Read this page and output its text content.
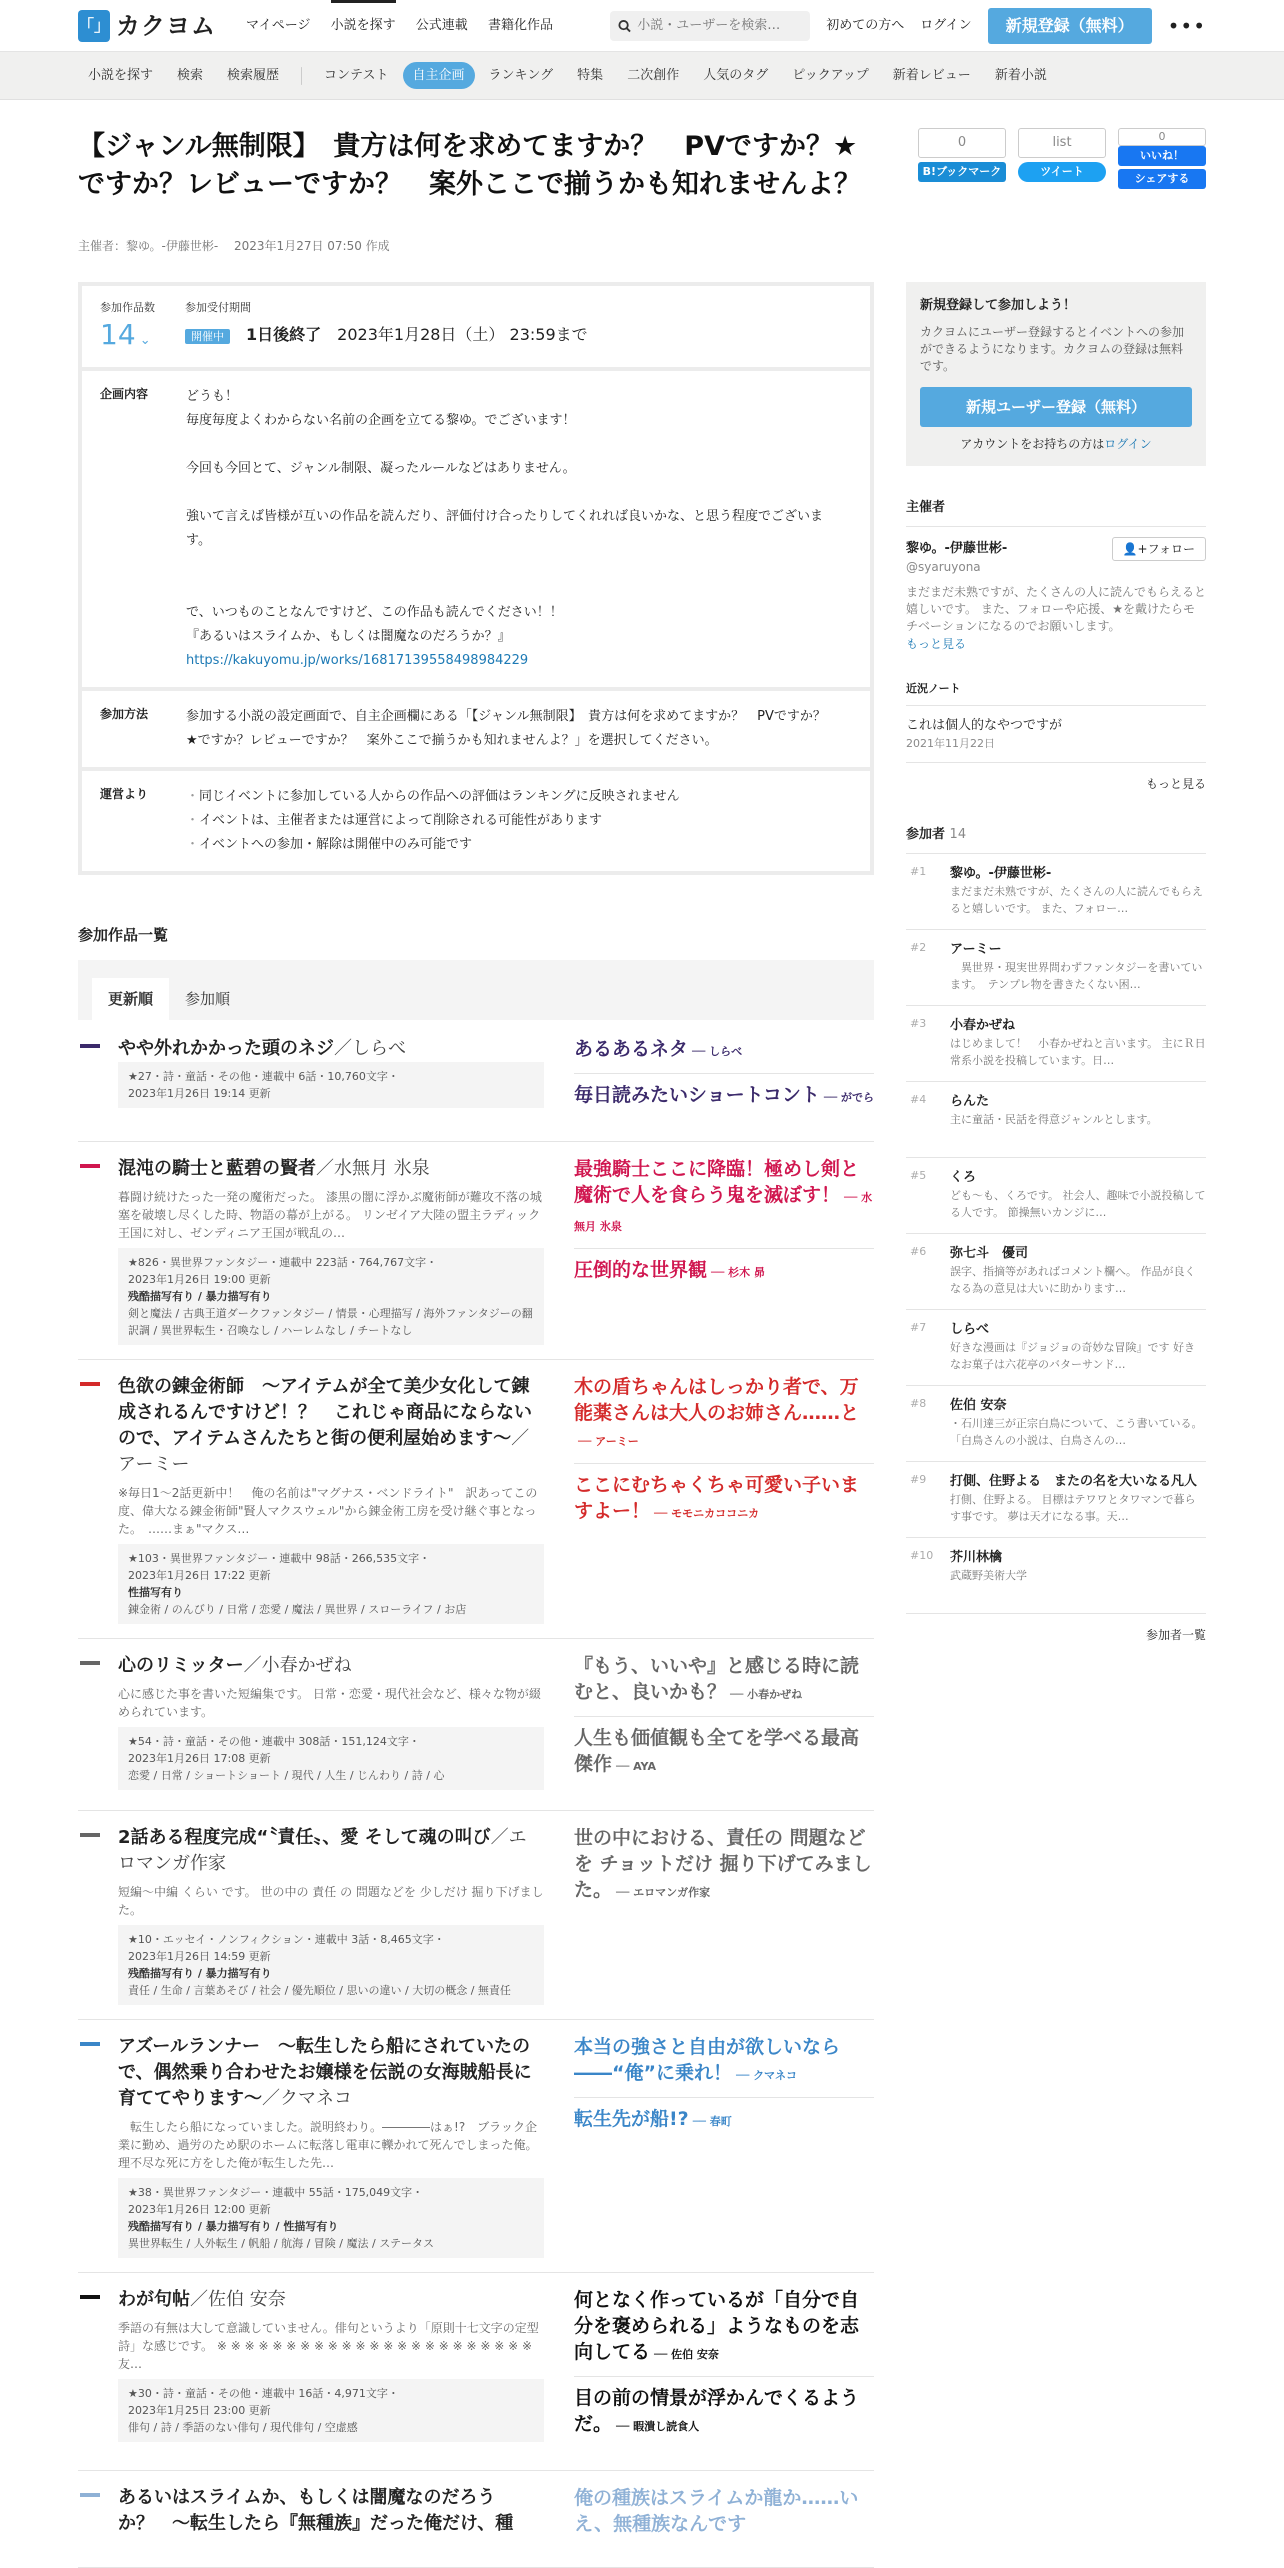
「」 カクヨム マイページ 小説を探す 公式連載 書籍化作品
小説・ユーザーを検索…	初めての方へ ログイン	新規登録（無料）	•••
小説を探す	検索	検索履歴	コンテスト	自主企画	ランキング	特集	二次創作	人気のタグ	ピックアップ	新着レビュー	新着小説
【ジャンル無制限】　貴方は何を求めてますか？　PVですか？★ですか？レビューですか？　案外ここで揃うかも知れませんよ？
主催者：黎ゆ。-伊藤世彬-　 2023年1月27日 07:50 作成
0
B!ブックマーク
list
ツイート
0
いいね！
シェアする
参加作品数
14 ⌄
参加受付期間
開催中　 1日後終了　 2023年1月28日（土） 23:59まで
企画内容	どうも！

毎度毎度よくわからない名前の企画を立てる黎ゆ。でございます！

今回も今回とて、ジャンル制限、凝ったルールなどはありません。

強いて言えば皆様が互いの作品を読んだり、評価付け合ったりしてくれれば良いかな、と思う程度でございます。

で、いつものことなんですけど、この作品も読んでください！！

『あるいはスライムか、もしくは闇魔なのだろうか？』

https://kakuyomu.jp/works/16817139558498984229

参加方法	参加する小説の設定画面で、自主企画欄にある「【ジャンル無制限】　貴方は何を求めてますか？　PVですか？★ですか？レビューですか？　案外ここで揃うかも知れませんよ？」を選択してください。

運営より
・	同じイベントに参加している人からの作品への評価はランキングに反映されません
・ イベントは、主催者または運営によって削除される可能性があります
・ イベントへの参加・解除は開催中のみ可能です
参加作品一覧
更新順	参加順
やや外れかかった頭のネジ／しらべ
★27・詩・童話・その他・連載中 6話・10,760文字・
2023年1月26日 19:14 更新
あるあるネタ ── しらべ
毎日読みたいショートコント ── がでら
混沌の騎士と藍碧の賢者／水無月 氷泉
暮闘け続けたった一発の魔術だった。 漆黒の闇に浮かぶ魔術師が難攻不落の城塞を破壊し尽くした時、物語の幕が上がる。 リンゼイア大陸の盟主ラディック王国に対し、ゼンディニア王国が戦乱の…
★826・異世界ファンタジー・連載中 223話・764,767文字・
2023年1月26日 19:00 更新
残酷描写有り / 暴力描写有り
剣と魔法 / 古典王道ダークファンタジー / 情景・心理描写 / 海外ファンタジーの翻訳調 / 異世界転生・召喚なし / ハーレムなし / チートなし
最強騎士ここに降臨！極めし剣と魔術で人を食らう鬼を滅ぼす！ ── 水無月 氷泉
圧倒的な世界観 ── 杉木 昴
色欲の錬金術師　〜アイテムが全て美少女化して錬成されるんですけど！？　これじゃ商品にならないので、アイテムさんたちと街の便利屋始めます〜／アーミー
※毎日1〜2話更新中！　俺の名前は"マグナス・ベンドライト"　訳あってこの度、偉大なる錬金術師"賢人マクスウェル"から錬金術工房を受け継ぐ事となった。　……まぁ"マクス…
★103・異世界ファンタジー・連載中 98話・266,535文字・
2023年1月26日 17:22 更新
性描写有り
錬金術 / のんびり / 日常 / 恋愛 / 魔法 / 異世界 / スローライフ / お店
木の盾ちゃんはしっかり者で、万能薬さんは大人のお姉さん……と── アーミー
ここにむちゃくちゃ可愛い子いますよー！ ── モモニカココニカ
心のリミッター／小春かぜね
心に感じた事を書いた短編集です。 日常・恋愛・現代社会など、様々な物が綴められています。
★54・詩・童話・その他・連載中 308話・151,124文字・
2023年1月26日 17:08 更新
恋愛 / 日常 / ショートショート / 現代 / 人生 / じんわり / 詩 / 心
『もう、いいや』と感じる時に読むと、良いかも？ ── 小春かぜね
人生も価値観も全てを学べる最高傑作 ── AYA
2話ある程度完成“〝責任〟、愛 そして魂の叫び／エロマンガ作家
短編〜中編 くらい です。 世の中の 責任 の 問題などを 少しだけ 掘り下げました。
★10・エッセイ・ノンフィクション・連載中 3話・8,465文字・
2023年1月26日 14:59 更新
残酷描写有り / 暴力描写有り
責任 / 生命 / 言葉あそび / 社会 / 優先順位 / 思いの違い / 大切の概念 / 無責任
世の中における、責任の 問題などを チョットだけ 掘り下げてみました。 ── エロマンガ作家
アズールランナー　〜転生したら船にされていたので、偶然乗り合わせたお嬢様を伝説の女海賊船長に育ててやります〜／クマネコ
　転生したら船になっていました。説明終わり。――――はぁ!?　ブラック企業に勤め、過労のため駅のホームに転落し電車に轢かれて死んでしまった俺。理不尽な死に方をした俺が転生した先…
★38・異世界ファンタジー・連載中 55話・175,049文字・
2023年1月26日 12:00 更新
残酷描写有り / 暴力描写有り / 性描写有り
異世界転生 / 人外転生 / 帆船 / 航海 / 冒険 / 魔法 / ステータス
本当の強さと自由が欲しいなら――“俺”に乗れ！ ── クマネコ
転生先が船!? ── 春町
わが句帖／佐伯 安奈
季語の有無は大して意識していません。俳句というより「原則十七文字の定型詩」な感じです。 ※ ※ ※ ※ ※ ※ ※ ※ ※ ※ ※ ※ ※ ※ ※ ※ ※ ※ ※ ※ ※ ※ ※ 友…
★30・詩・童話・その他・連載中 16話・4,971文字・
2023年1月25日 23:00 更新
俳句 / 詩 / 季語のない俳句 / 現代俳句 / 空虚感
何となく作っているが「自分で自分を褒められる」ようなものを志向してる ── 佐伯 安奈
目の前の情景が浮かんでくるようだ。 ── 暇潰し読食人
あるいはスライムか、もしくは闇魔なのだろうか？　〜転生したら『無種族』だった俺だけ、種
俺の種族はスライムか龍か……いえ、無種族なんです
新規登録して参加しよう！

カクヨムにユーザー登録するとイベントへの参加ができるようになります。カクヨムの登録は無料です。

新規ユーザー登録（無料）
アカウントをお持ちの方はログイン
主催者
黎ゆ。-伊藤世彬-
@syaruyona
👤+フォロー
まだまだ未熟ですが、たくさんの人に読んでもらえると嬉しいです。 また、フォローや応援、★を戴けたらモチベーションになるのでお願いします。
もっと見る
近況ノート
これは個人的なやつですが
2021年11月22日
もっと見る
参加者 14
#1 黎ゆ。-伊藤世彬-
まだまだ未熟ですが、たくさんの人に読んでもらえると嬉しいです。 また、フォロー…
#2 アーミー
　異世界・現実世界問わずファンタジーを書いています。　テンプレ物を書きたくない困…
#3 小春かぜね
はじめまして！　小春かぜねと言います。 主にＲ日常系小説を投稿しています。日…
#4 らんた
主に童話・民話を得意ジャンルとします。
#5 くろ
ども〜も、くろです。 社会人、趣味で小説投稿してる人です。 節操無いカンジに…
#6 弥七斗　優司
誤字、指摘等があればコメント欄へ。 作品が良くなる為の意見は大いに助かります…
#7 しらべ
好きな漫画は『ジョジョの奇妙な冒険』です 好きなお菓子は六花亭のバターサンド…
#8 佐伯 安奈
・石川達三が正宗白鳥について、こう書いている。「白鳥さんの小説は、白鳥さんの…
#9 打側、住野よる　またの名を大いなる凡人
打側、住野よる。 目標はテワワとタワマンで暮らす事です。 夢は天才になる事。天…
#10 芥川林檎
武蔵野美術大学
参加者一覧
